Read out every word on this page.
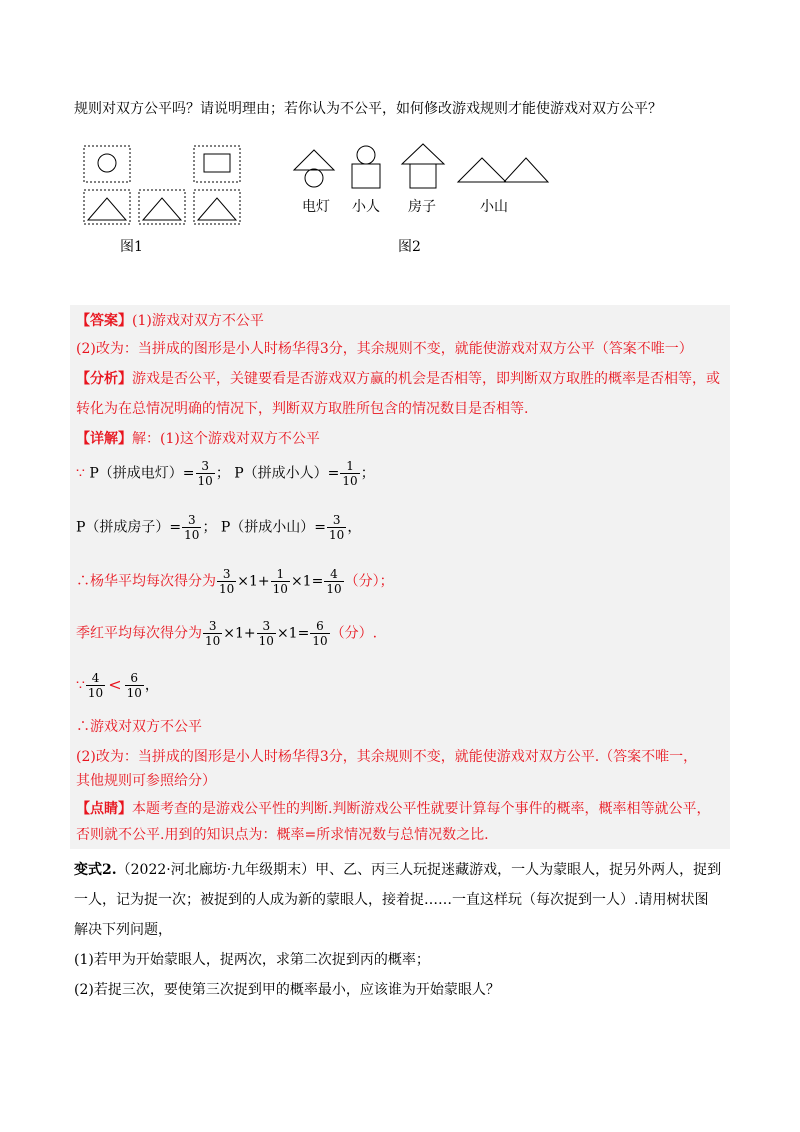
规则对双方公平吗？请说明理由；若你认为不公平，如何修改游戏规则才能使游戏对双方公平？
图1
电灯 小人 房子	小山
图2
【答案】(1)游戏对双方不公平
(2)改为：当拼成的图形是小人时杨华得3分，其余规则不变，就能使游戏对双方公平（答案不唯一）
【分析】游戏是否公平，关键要看是否游戏双方赢的机会是否相等，即判断双方取胜的概率是否相等，或
转化为在总情况明确的情况下，判断双方取胜所包含的情况数目是否相等.
【详解】解：(1)这个游戏对双方不公平
∵ P（拼成电灯）= $\frac{3}{10}$ ； P（拼成小人）= $\frac{1}{10}$ ；
P（拼成房子）= $\frac{3}{10}$ ； P（拼成小山）= $\frac{3}{10}$ ，
∴杨华平均每次得分为 $\frac{3}{10} \times 1+ \frac{1}{10} \times 1= \frac{4}{10}$ （分）；
季红平均每次得分为 $\frac{3}{10} \times 1+ \frac{3}{10} \times 1= \frac{6}{10}$ （分）.
∵ $\frac{4}{10} < \frac{6}{10}$ ，
∴游戏对双方不公平
(2)改为：当拼成的图形是小人时杨华得3分，其余规则不变，就能使游戏对双方公平.（答案不唯一，
其他规则可参照给分）
【点睛】本题考查的是游戏公平性的判断.判断游戏公平性就要计算每个事件的概率，概率相等就公平，
否则就不公平.用到的知识点为：概率=所求情况数与总情况数之比.
变式2.（2022·河北廊坊·九年级期末）甲、乙、丙三人玩捉迷藏游戏，一人为蒙眼人，捉另外两人，捉到
一人，记为捉一次；被捉到的人成为新的蒙眼人，接着捉……一直这样玩（每次捉到一人）.请用树状图
解决下列问题，
(1)若甲为开始蒙眼人，捉两次，求第二次捉到丙的概率；
(2)若捉三次，要使第三次捉到甲的概率最小，应该谁为开始蒙眼人？
